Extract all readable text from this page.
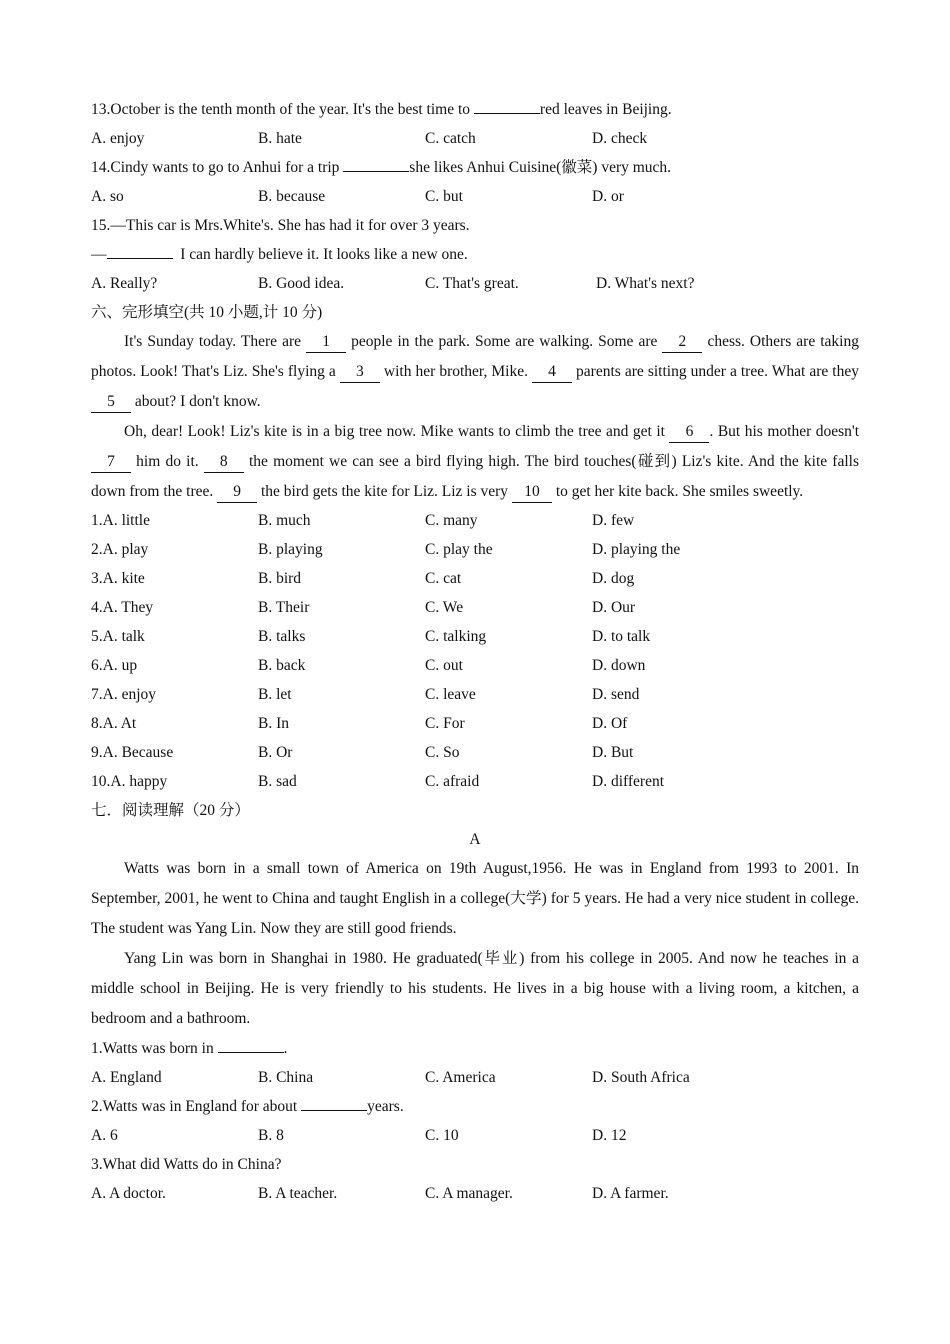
13.October is the tenth month of the year. It's the best time to	red leaves in Beijing.
A. enjoy	B. hate	C. catch	D. check
14.Cindy wants to go to Anhui for a trip	she likes Anhui Cuisine(徽菜) very much.
A. so	B. because	C. but	D. or
15.—This car is Mrs.White's. She has had it for over 3 years.
—	I can hardly believe it. It looks like a new one.
A. Really?	B. Good idea.	C. That's great.	D. What's next?
六、完形填空(共 10 小题,计 10 分)
It's Sunday today. There are 1 people in the park. Some are walking. Some are 2 chess. Others are taking photos. Look! That's Liz. She's flying a 3 with her brother, Mike. 4 parents are sitting under a tree. What are they 5 about? I don't know.
Oh, dear! Look! Liz's kite is in a big tree now. Mike wants to climb the tree and get it 6 . But his mother doesn't 7 him do it. 8 the moment we can see a bird flying high. The bird touches(碰到) Liz's kite. And the kite falls down from the tree. 9 the bird gets the kite for Liz. Liz is very 10 to get her kite back. She smiles sweetly.
1.A. little	B. much	C. many	D. few
2.A. play	B. playing	C. play the	D. playing the
3.A. kite	B. bird	C. cat	D. dog
4.A. They	B. Their	C. We	D. Our
5.A. talk	B. talks	C. talking	D. to talk
6.A. up	B. back	C. out	D. down
7.A. enjoy	B. let	C. leave	D. send
8.A. At	B. In	C. For	D. Of
9.A. Because	B. Or	C. So	D. But
10.A. happy	B. sad	C. afraid	D. different
七．阅读理解（20 分）
A
Watts was born in a small town of America on 19th August,1956. He was in England from 1993 to 2001. In September, 2001, he went to China and taught English in a college(大学) for 5 years. He had a very nice student in college. The student was Yang Lin. Now they are still good friends.
Yang Lin was born in Shanghai in 1980. He graduated(毕业) from his college in 2005. And now he teaches in a middle school in Beijing. He is very friendly to his students. He lives in a big house with a living room, a kitchen, a bedroom and a bathroom.
1.Watts was born in	.
A. England	B. China	C. America	D. South Africa
2.Watts was in England for about	years.
A. 6	B. 8	C. 10	D. 12
3.What did Watts do in China?
A. A doctor.	B. A teacher.	C. A manager.	D. A farmer.
